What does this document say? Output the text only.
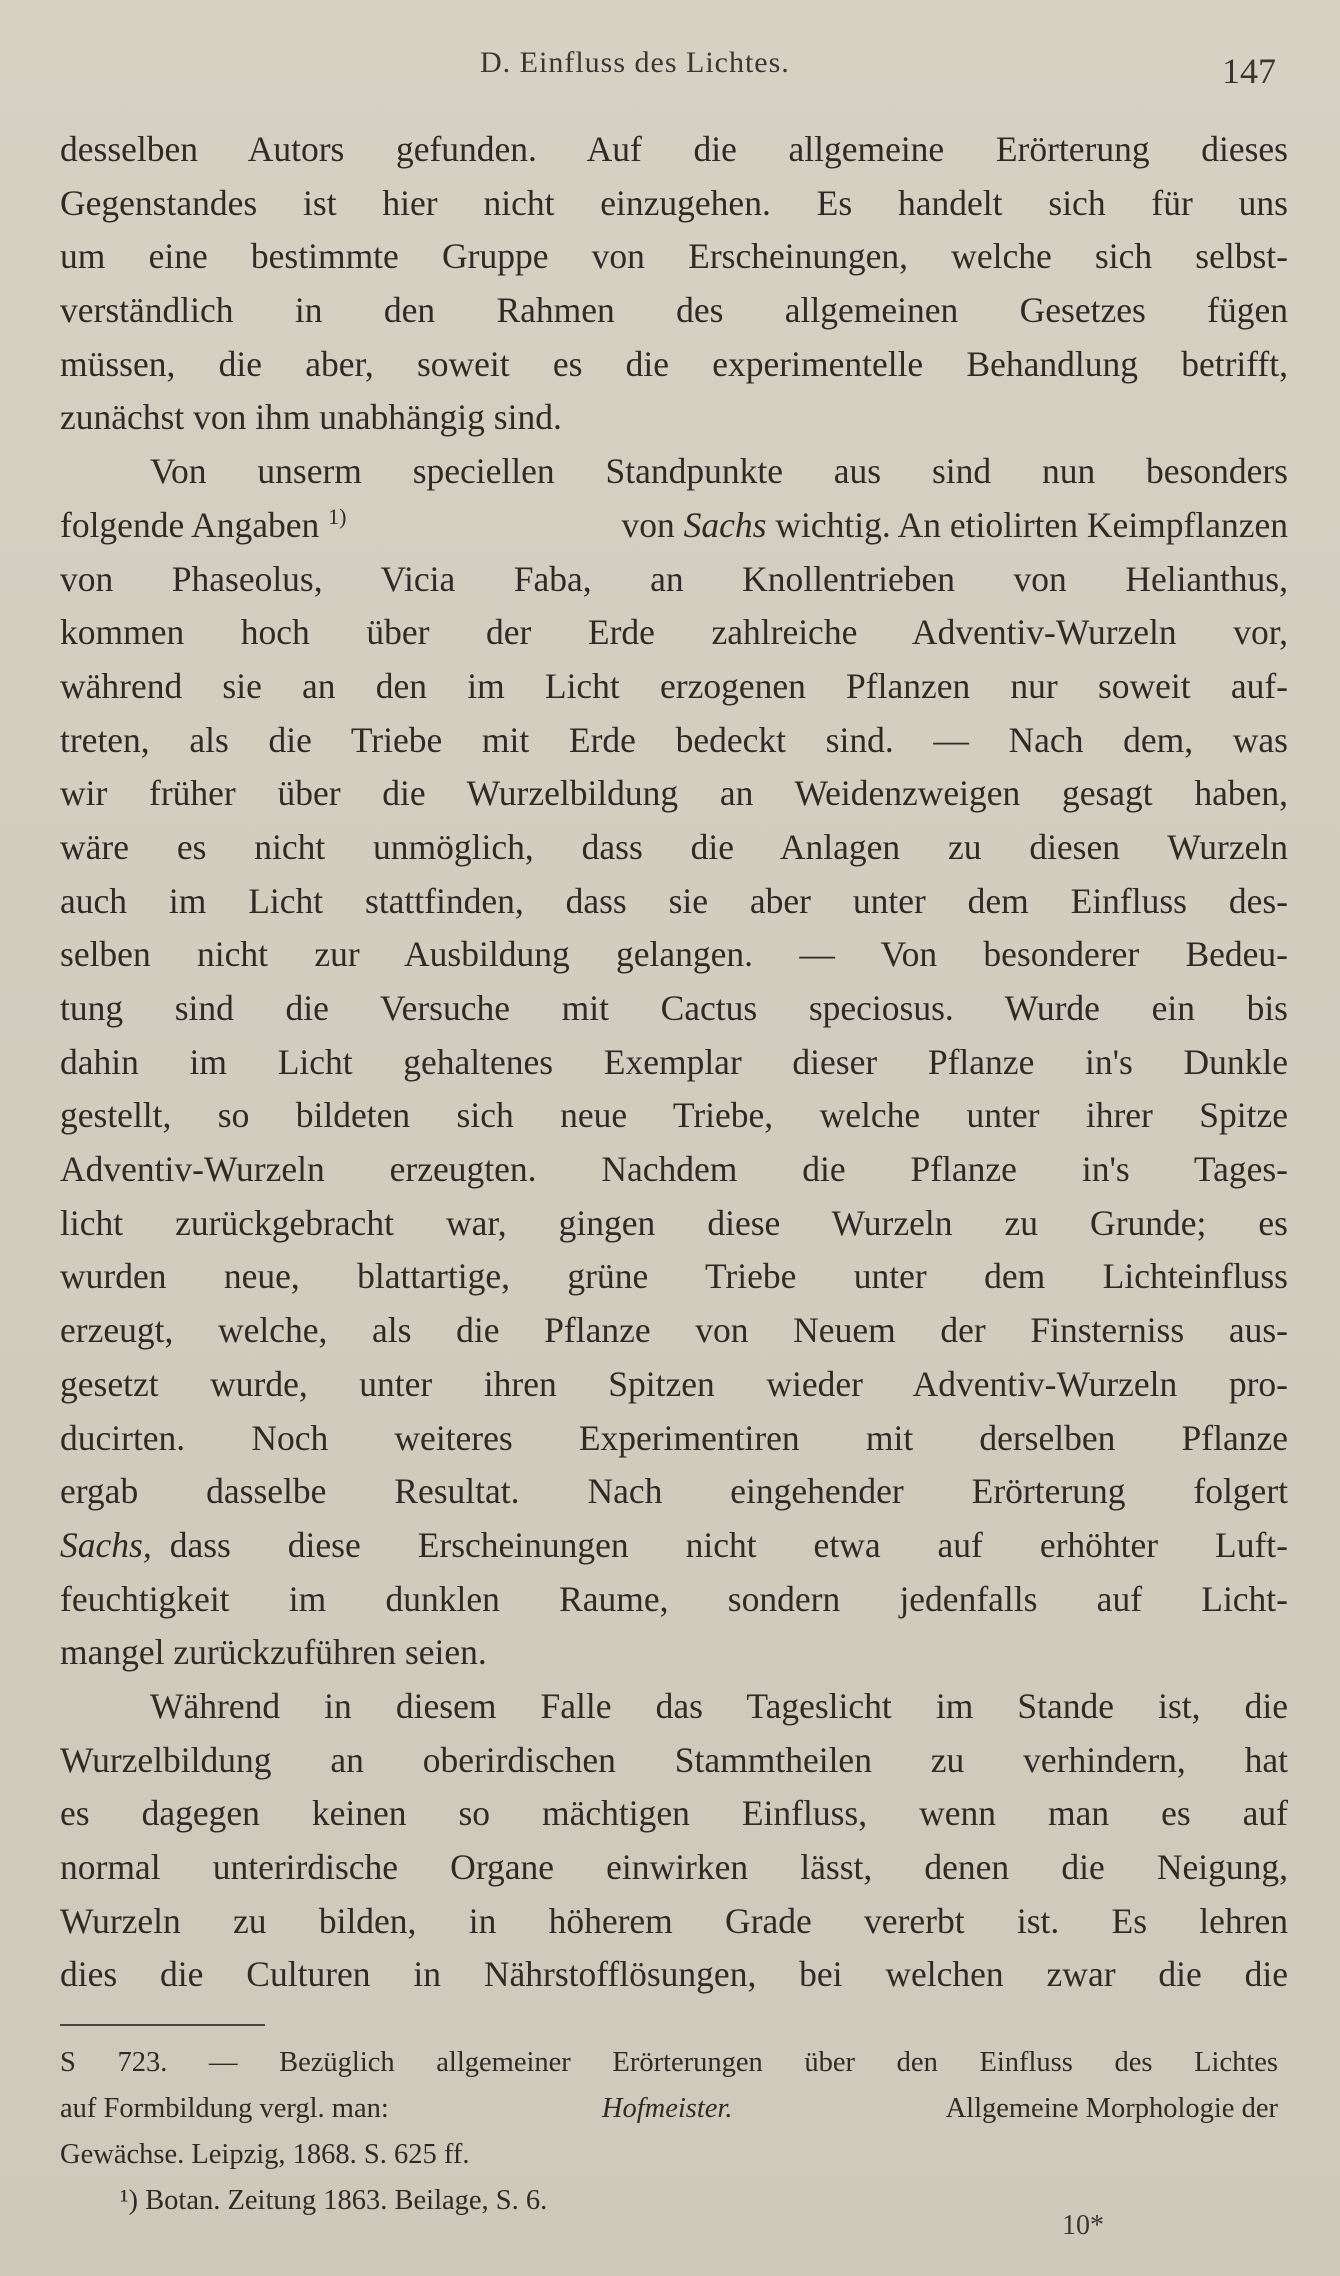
D. Einfluss des Lichtes.	147
desselben Autors gefunden. Auf die allgemeine Erörterung dieses
Gegenstandes ist hier nicht einzugehen. Es handelt sich für uns
um eine bestimmte Gruppe von Erscheinungen, welche sich selbst-
verständlich in den Rahmen des allgemeinen Gesetzes fügen
müssen, die aber, soweit es die experimentelle Behandlung betrifft,
zunächst von ihm unabhängig sind.
Von unserm speciellen Standpunkte aus sind nun besonders
folgende Angaben $^{1)}$	von Sachs wichtig. An etiolirten Keimpflanzen
von Phaseolus, Vicia Faba, an Knollentrieben von Helianthus,
kommen hoch über der Erde zahlreiche Adventiv-Wurzeln vor,
während sie an den im Licht erzogenen Pflanzen nur soweit auf-
treten, als die Triebe mit Erde bedeckt sind. — Nach dem, was
wir früher über die Wurzelbildung an Weidenzweigen gesagt haben,
wäre es nicht unmöglich, dass die Anlagen zu diesen Wurzeln
auch im Licht stattfinden, dass sie aber unter dem Einfluss des-
selben nicht zur Ausbildung gelangen. — Von besonderer Bedeu-
tung sind die Versuche mit Cactus speciosus. Wurde ein bis
dahin im Licht gehaltenes Exemplar dieser Pflanze in's Dunkle
gestellt, so bildeten sich neue Triebe, welche unter ihrer Spitze
Adventiv-Wurzeln erzeugten. Nachdem die Pflanze in's Tages-
licht zurückgebracht war, gingen diese Wurzeln zu Grunde; es
wurden neue, blattartige, grüne Triebe unter dem Lichteinfluss
erzeugt, welche, als die Pflanze von Neuem der Finsterniss aus-
gesetzt wurde, unter ihren Spitzen wieder Adventiv-Wurzeln pro-
ducirten. Noch weiteres Experimentiren mit derselben Pflanze
ergab dasselbe Resultat. Nach eingehender Erörterung folgert
Sachs, dass diese Erscheinungen nicht etwa auf erhöhter Luft-
feuchtigkeit im dunklen Raume, sondern jedenfalls auf Licht-
mangel zurückzuführen seien.
Während in diesem Falle das Tageslicht im Stande ist, die
Wurzelbildung an oberirdischen Stammtheilen zu verhindern, hat
es dagegen keinen so mächtigen Einfluss, wenn man es auf
normal unterirdische Organe einwirken lässt, denen die Neigung,
Wurzeln zu bilden, in höherem Grade vererbt ist. Es lehren
dies die Culturen in Nährstofflösungen, bei welchen zwar die die
S 723. — Bezüglich allgemeiner Erörterungen über den Einfluss des Lichtes
auf Formbildung vergl. man:	Hofmeister.	Allgemeine Morphologie der
Gewächse. Leipzig, 1868. S. 625 ff.
¹) Botan. Zeitung 1863. Beilage, S. 6.
10*
